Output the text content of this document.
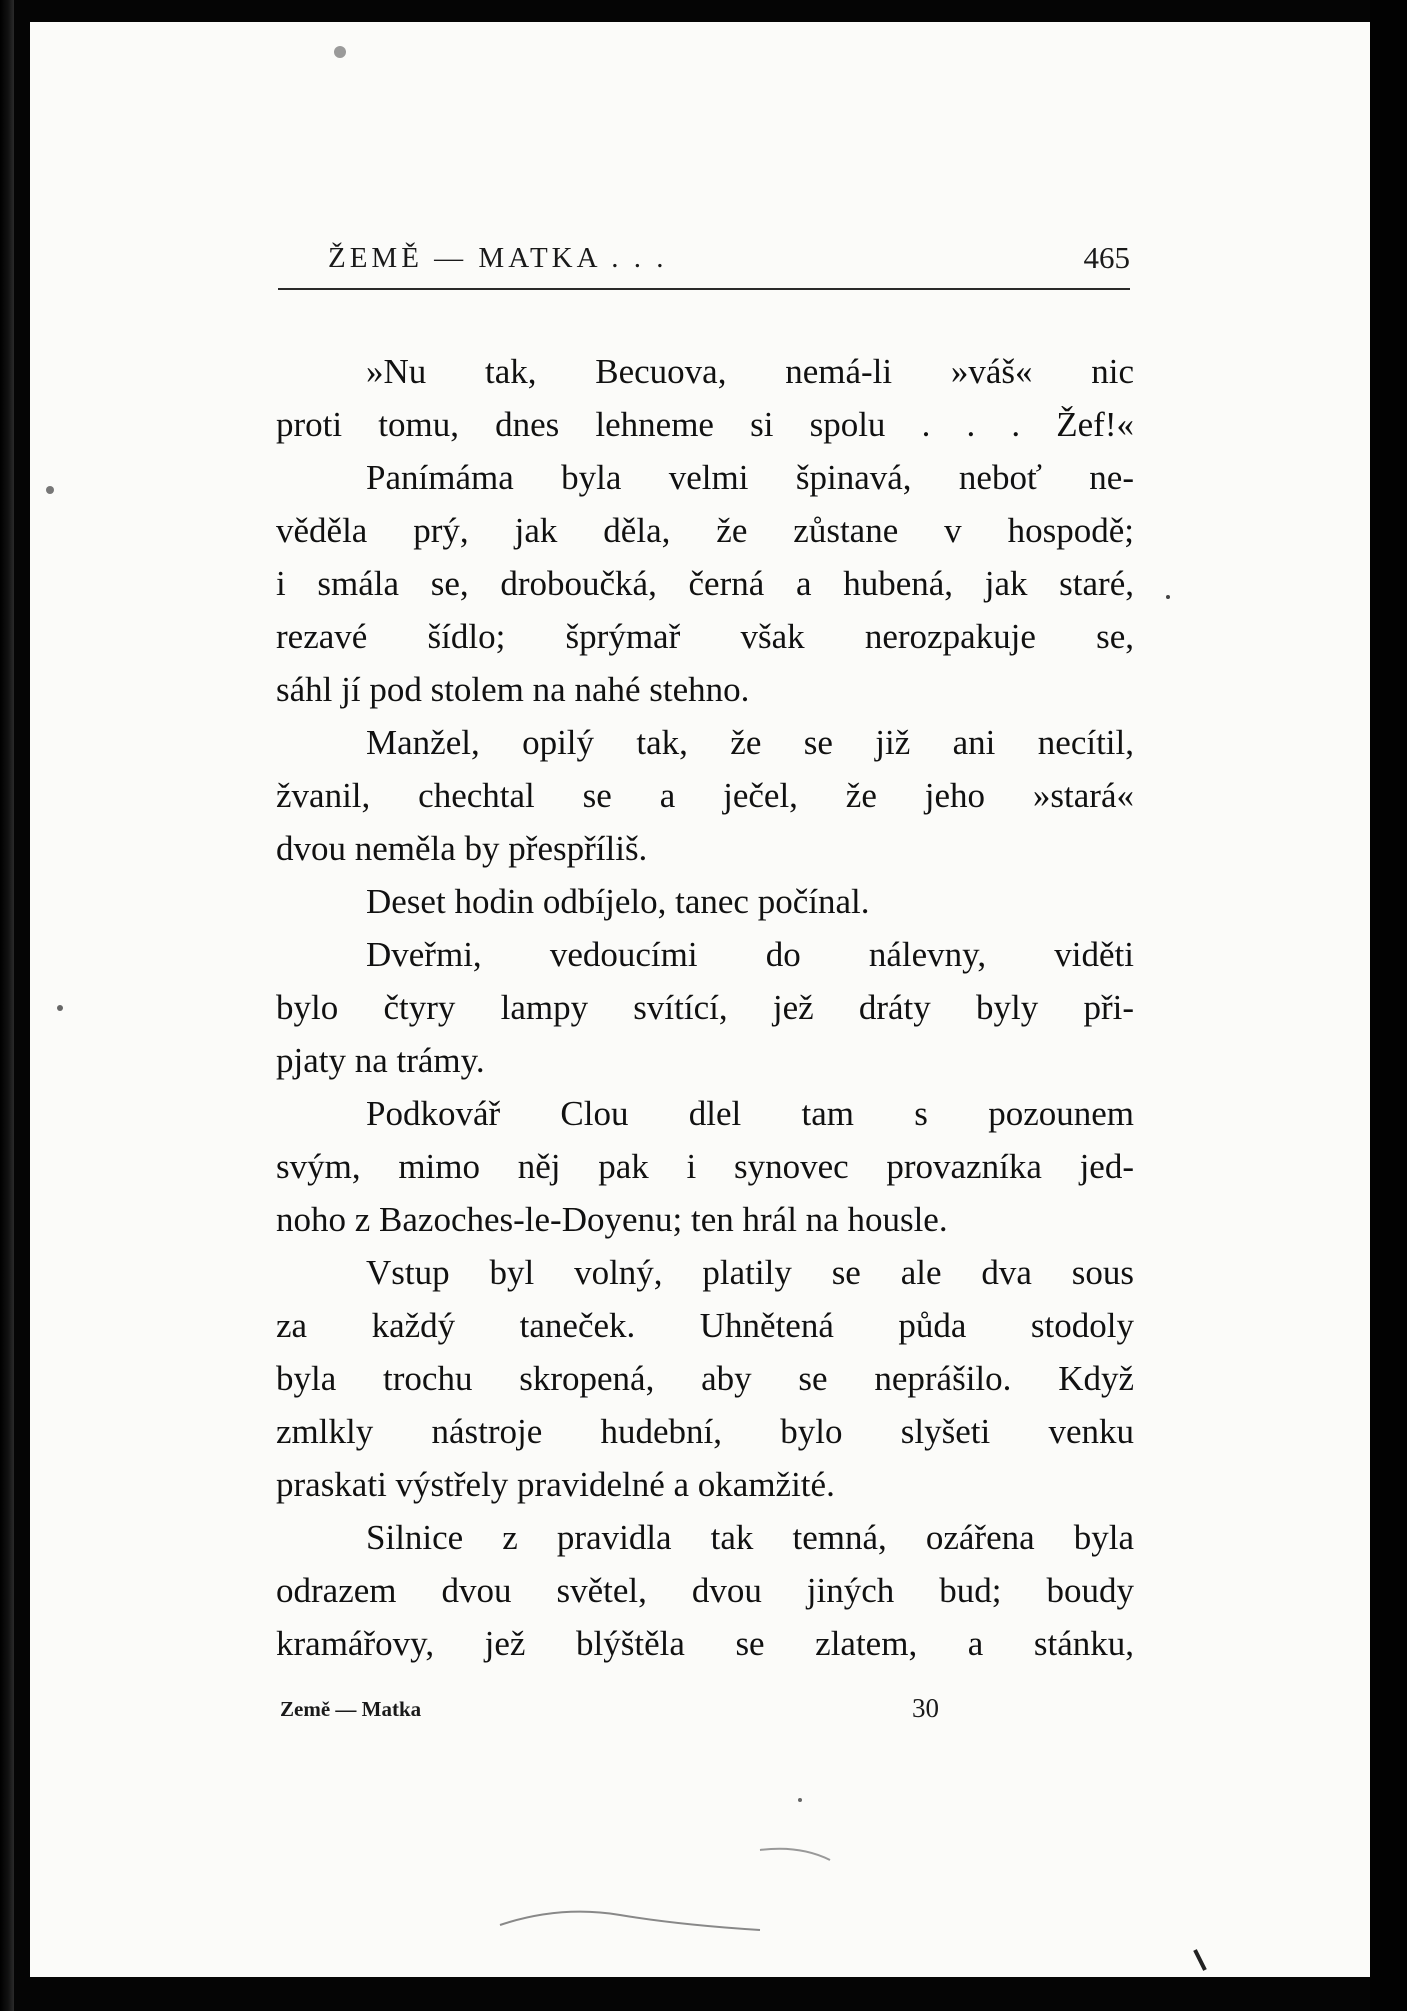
ŽEMĚ — MATKA . . .	465
»Nu tak, Becuova, nemá-li »váš« nic
proti tomu, dnes lehneme si spolu . . . Žef!«
Panímáma byla velmi špinavá, neboť ne-
věděla prý, jak děla, že zůstane v hospodě;
i smála se, droboučká, černá a hubená, jak staré,
rezavé šídlo; šprýmař však nerozpakuje se,
sáhl jí pod stolem na nahé stehno.
Manžel, opilý tak, že se již ani necítil,
žvanil, chechtal se a ječel, že jeho »stará«
dvou neměla by přespříliš.
Deset hodin odbíjelo, tanec počínal.
Dveřmi, vedoucími do nálevny, viděti
bylo čtyry lampy svítící, jež dráty byly při-
pjaty na trámy.
Podkovář Clou dlel tam s pozounem
svým, mimo něj pak i synovec provazníka jed-
noho z Bazoches-le-Doyenu; ten hrál na housle.
Vstup byl volný, platily se ale dva sous
za každý taneček. Uhnětená půda stodoly
byla trochu skropená, aby se neprášilo. Když
zmlkly nástroje hudební, bylo slyšeti venku
praskati výstřely pravidelné a okamžité.
Silnice z pravidla tak temná, ozářena byla
odrazem dvou světel, dvou jiných bud; boudy
kramářovy, jež blýštěla se zlatem, a stánku,
Země — Matka	30
